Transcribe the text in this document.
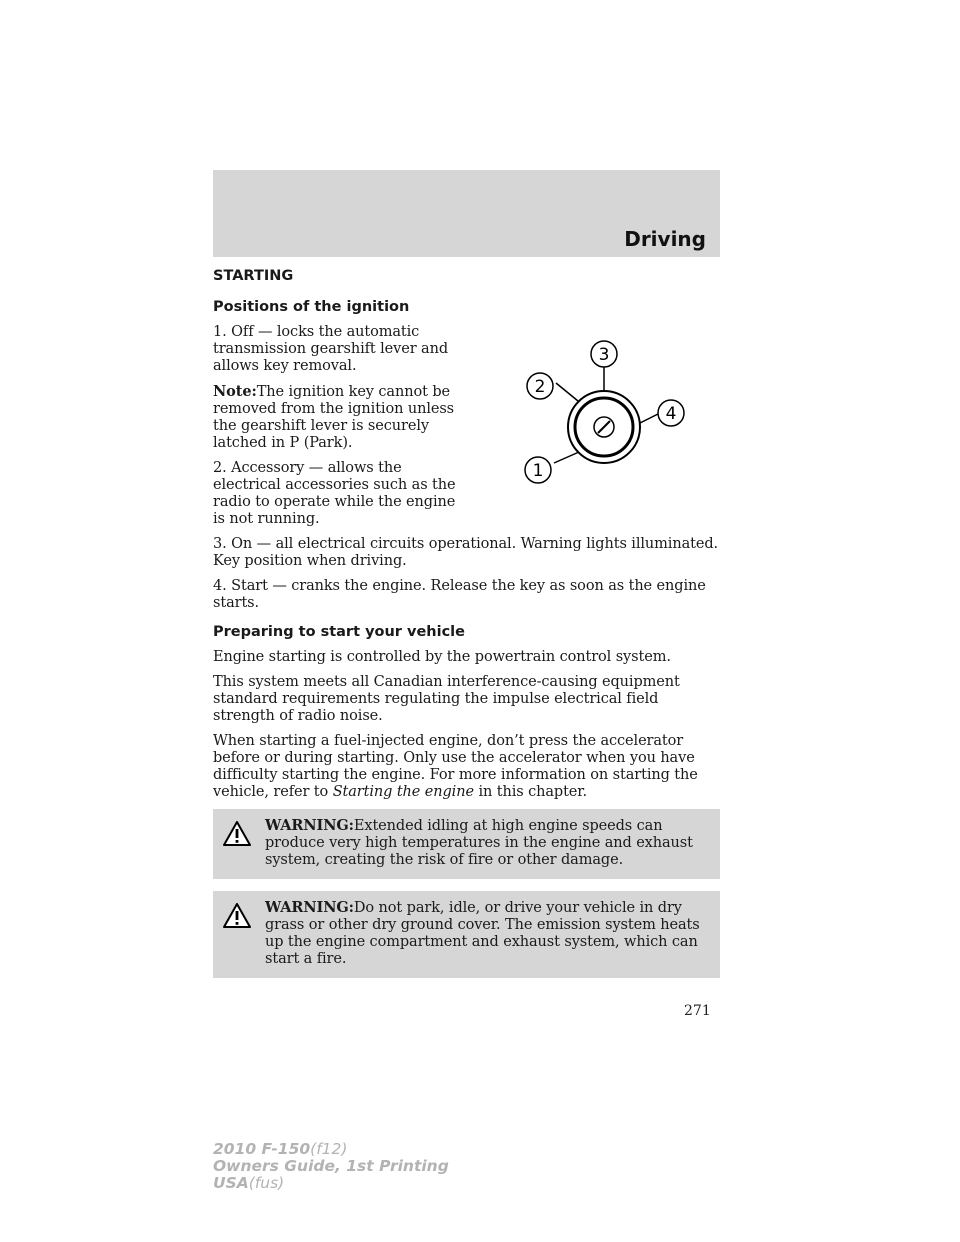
Driving
STARTING
Positions of the ignition

1. Off — locks the automatic transmission gearshift lever and allows key removal.

Note:The ignition key cannot be removed from the ignition unless the gearshift lever is securely latched in P (Park).

2. Accessory — allows the electrical accessories such as the radio to operate while the engine is not running.

3. On — all electrical circuits operational. Warning lights illuminated. Key position when driving.

4. Start — cranks the engine. Release the key as soon as the engine starts.

Preparing to start your vehicle

Engine starting is controlled by the powertrain control system.

This system meets all Canadian interference-causing equipment standard requirements regulating the impulse electrical field strength of radio noise.

When starting a fuel-injected engine, don’t press the accelerator before or during starting. Only use the accelerator when you have difficulty starting the engine. For more information on starting the vehicle, refer to Starting the engine in this chapter.

WARNING:Extended idling at high engine speeds can produce very high temperatures in the engine and exhaust system, creating the risk of fire or other damage.

WARNING:Do not park, idle, or drive your vehicle in dry grass or other dry ground cover. The emission system heats up the engine compartment and exhaust system, which can start a fire.

1
2
3
4
271
2010 F-150(f12)
Owners Guide, 1st Printing
USA(fus)
